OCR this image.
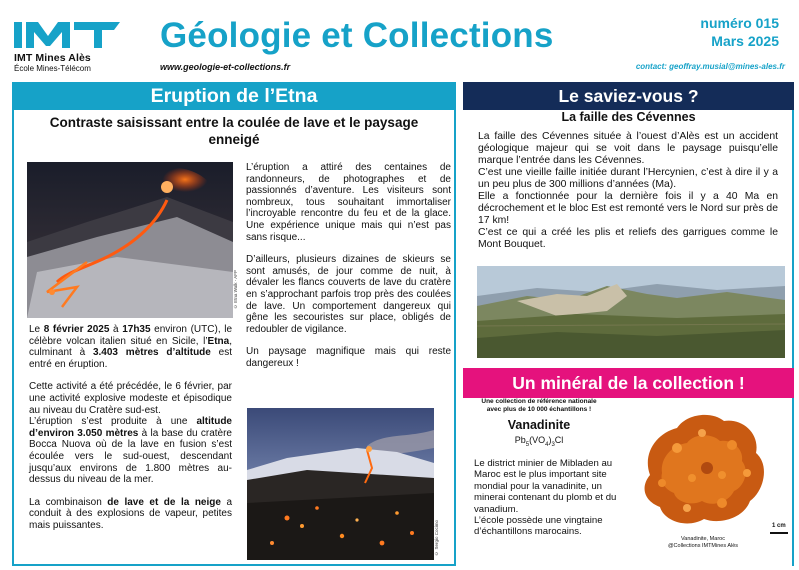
IMT Mines Alès
École Mines-Télécom
Géologie et Collections
www.geologie-et-collections.fr
numéro 015
Mars 2025
contact: geoffray.musial@mines-ales.fr
Eruption de l’Etna
Contraste saisissant entre la coulée de lave et le paysage enneigé
© Etna Walk - AFP

Le 8 février 2025 à 17h35 environ (UTC), le célèbre volcan italien situé en Sicile, l’Etna, culminant à 3.403 mètres d’altitude est entré en éruption.

Cette activité a été précédée, le 6 février, par une activité explosive modeste et épisodique au niveau du Cratère sud-est.

L’éruption s’est produite à une altitude d’environ 3.050 mètres à la base du cratère Bocca Nuova où de la lave en fusion s’est écoulée vers le sud-ouest, descendant jusqu’aux environs de 1.800 mètres au-dessus du niveau de la mer.

La combinaison de lave et de la neige a conduit à des explosions de vapeur, petites mais puissantes.

L’éruption a attiré des centaines de randonneurs, de photographes et de passionnés d’aventure. Les visiteurs sont nombreux, tous souhaitant immortaliser l’incroyable rencontre du feu et de la glace. Une expérience unique mais qui n’est pas sans risque...

D’ailleurs, plusieurs dizaines de skieurs se sont amusés, de jour comme de nuit, à dévaler les flancs couverts de lave du cratère en s’approchant parfois trop près des coulées de lave. Un comportement dangereux qui gêne les secouristes sur place, obligés de redoubler de vigilance.

Un paysage magnifique mais qui reste dangereux !

© Sergio Cocimo
Le saviez-vous ?
La faille des Cévennes

La faille des Cévennes située à l’ouest d’Alès est un accident géologique majeur qui se voit dans le paysage puisqu’elle marque l’entrée dans les Cévennes.

C’est une vieille faille initiée durant l’Hercynien, c’est à dire il y a un peu plus de 300 millions d’années (Ma).

Elle a fonctionnée pour la dernière fois il y a 40 Ma en décrochement et le bloc Est est remonté vers le Nord sur près de 17 km!

C’est ce qui a créé les plis et reliefs des garrigues comme le Mont Bouquet.

Un minéral de la collection !
Une collection de référence nationale
avec plus de 10 000 échantillons !
Vanadinite
$Pb_5(VO_4)_3Cl$

Le district minier de Mibladen au Maroc est le plus important site mondial pour la vanadinite, un minerai contenant du plomb et du vanadium.

L’école possède une vingtaine d’échantillons marocains.

1 cm
Vanadinite, Maroc
@Collections IMTMines Alès
